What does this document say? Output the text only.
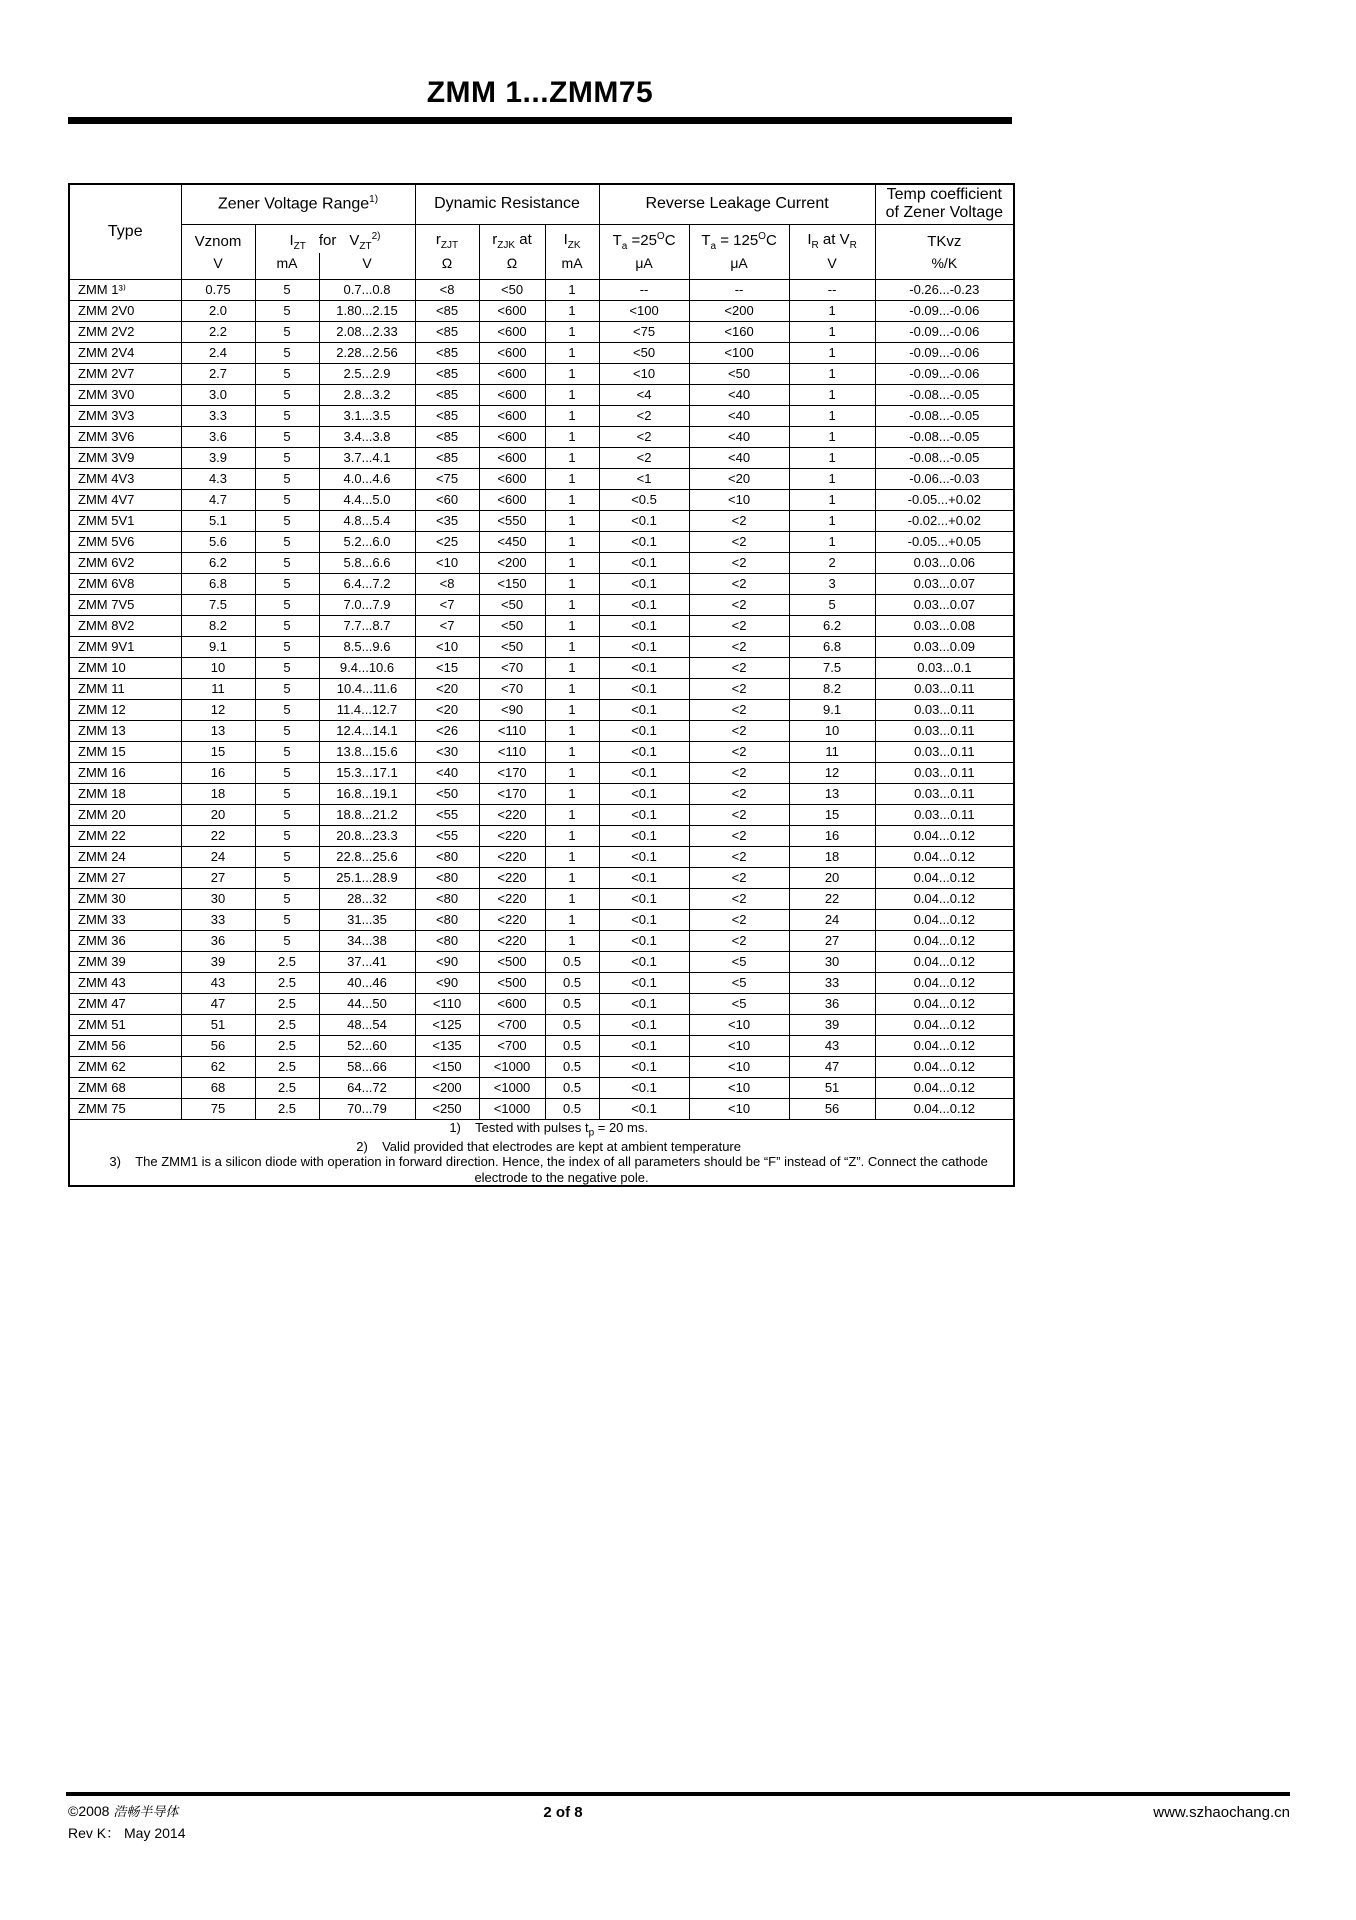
ZMM 1...ZMM75
Type	Zener Voltage Range$^{1)}$			Dynamic Resistance			Reverse Leakage Current			Temp coefficient
of Zener Voltage

	Vznom	$I_{ZT}$ for $V_{ZT}^{2)}$		$r_{ZJT}$	$r_{ZJK}$ at	$I_{ZK}$	$T_a =25^OC$	$T_a = 125^OC$	$I_R$ at $V_R$	TKvz
	V	mA	V	Ω	Ω	mA	μA	μA	V	%/K
ZMM 1³⁾	0.75	5	0.7...0.8	<8	<50	1	--	--	--	-0.26...-0.23
ZMM 2V0	2.0	5	1.80...2.15	<85	<600	1	<100	<200	1	-0.09...-0.06
ZMM 2V2	2.2	5	2.08...2.33	<85	<600	1	<75	<160	1	-0.09...-0.06
ZMM 2V4	2.4	5	2.28...2.56	<85	<600	1	<50	<100	1	-0.09...-0.06
ZMM 2V7	2.7	5	2.5...2.9	<85	<600	1	<10	<50	1	-0.09...-0.06
ZMM 3V0	3.0	5	2.8...3.2	<85	<600	1	<4	<40	1	-0.08...-0.05
ZMM 3V3	3.3	5	3.1...3.5	<85	<600	1	<2	<40	1	-0.08...-0.05
ZMM 3V6	3.6	5	3.4...3.8	<85	<600	1	<2	<40	1	-0.08...-0.05
ZMM 3V9	3.9	5	3.7...4.1	<85	<600	1	<2	<40	1	-0.08...-0.05
ZMM 4V3	4.3	5	4.0...4.6	<75	<600	1	<1	<20	1	-0.06...-0.03
ZMM 4V7	4.7	5	4.4...5.0	<60	<600	1	<0.5	<10	1	-0.05...+0.02
ZMM 5V1	5.1	5	4.8...5.4	<35	<550	1	<0.1	<2	1	-0.02...+0.02
ZMM 5V6	5.6	5	5.2...6.0	<25	<450	1	<0.1	<2	1	-0.05...+0.05
ZMM 6V2	6.2	5	5.8...6.6	<10	<200	1	<0.1	<2	2	0.03...0.06
ZMM 6V8	6.8	5	6.4...7.2	<8	<150	1	<0.1	<2	3	0.03...0.07
ZMM 7V5	7.5	5	7.0...7.9	<7	<50	1	<0.1	<2	5	0.03...0.07
ZMM 8V2	8.2	5	7.7...8.7	<7	<50	1	<0.1	<2	6.2	0.03...0.08
ZMM 9V1	9.1	5	8.5...9.6	<10	<50	1	<0.1	<2	6.8	0.03...0.09
ZMM 10	10	5	9.4...10.6	<15	<70	1	<0.1	<2	7.5	0.03...0.1
ZMM 11	11	5	10.4...11.6	<20	<70	1	<0.1	<2	8.2	0.03...0.11
ZMM 12	12	5	11.4...12.7	<20	<90	1	<0.1	<2	9.1	0.03...0.11
ZMM 13	13	5	12.4...14.1	<26	<110	1	<0.1	<2	10	0.03...0.11
ZMM 15	15	5	13.8...15.6	<30	<110	1	<0.1	<2	11	0.03...0.11
ZMM 16	16	5	15.3...17.1	<40	<170	1	<0.1	<2	12	0.03...0.11
ZMM 18	18	5	16.8...19.1	<50	<170	1	<0.1	<2	13	0.03...0.11
ZMM 20	20	5	18.8...21.2	<55	<220	1	<0.1	<2	15	0.03...0.11
ZMM 22	22	5	20.8...23.3	<55	<220	1	<0.1	<2	16	0.04...0.12
ZMM 24	24	5	22.8...25.6	<80	<220	1	<0.1	<2	18	0.04...0.12
ZMM 27	27	5	25.1...28.9	<80	<220	1	<0.1	<2	20	0.04...0.12
ZMM 30	30	5	28...32	<80	<220	1	<0.1	<2	22	0.04...0.12
ZMM 33	33	5	31...35	<80	<220	1	<0.1	<2	24	0.04...0.12
ZMM 36	36	5	34...38	<80	<220	1	<0.1	<2	27	0.04...0.12
ZMM 39	39	2.5	37...41	<90	<500	0.5	<0.1	<5	30	0.04...0.12
ZMM 43	43	2.5	40...46	<90	<500	0.5	<0.1	<5	33	0.04...0.12
ZMM 47	47	2.5	44...50	<110	<600	0.5	<0.1	<5	36	0.04...0.12
ZMM 51	51	2.5	48...54	<125	<700	0.5	<0.1	<10	39	0.04...0.12
ZMM 56	56	2.5	52...60	<135	<700	0.5	<0.1	<10	43	0.04...0.12
ZMM 62	62	2.5	58...66	<150	<1000	0.5	<0.1	<10	47	0.04...0.12
ZMM 68	68	2.5	64...72	<200	<1000	0.5	<0.1	<10	51	0.04...0.12
ZMM 75	75	2.5	70...79	<250	<1000	0.5	<0.1	<10	56	0.04...0.12

1) Tested with pulses $t_p = 20$ ms.
2) Valid provided that electrodes are kept at ambient temperature
3) The ZMM1 is a silicon diode with operation in forward direction. Hence, the index of all parameters should be “F” instead of “Z”. Connect the cathode electrode to the negative pole.										
©2008 浩畅半导体
Rev K： May 2014
2 of 8	www.szhaochang.cn
